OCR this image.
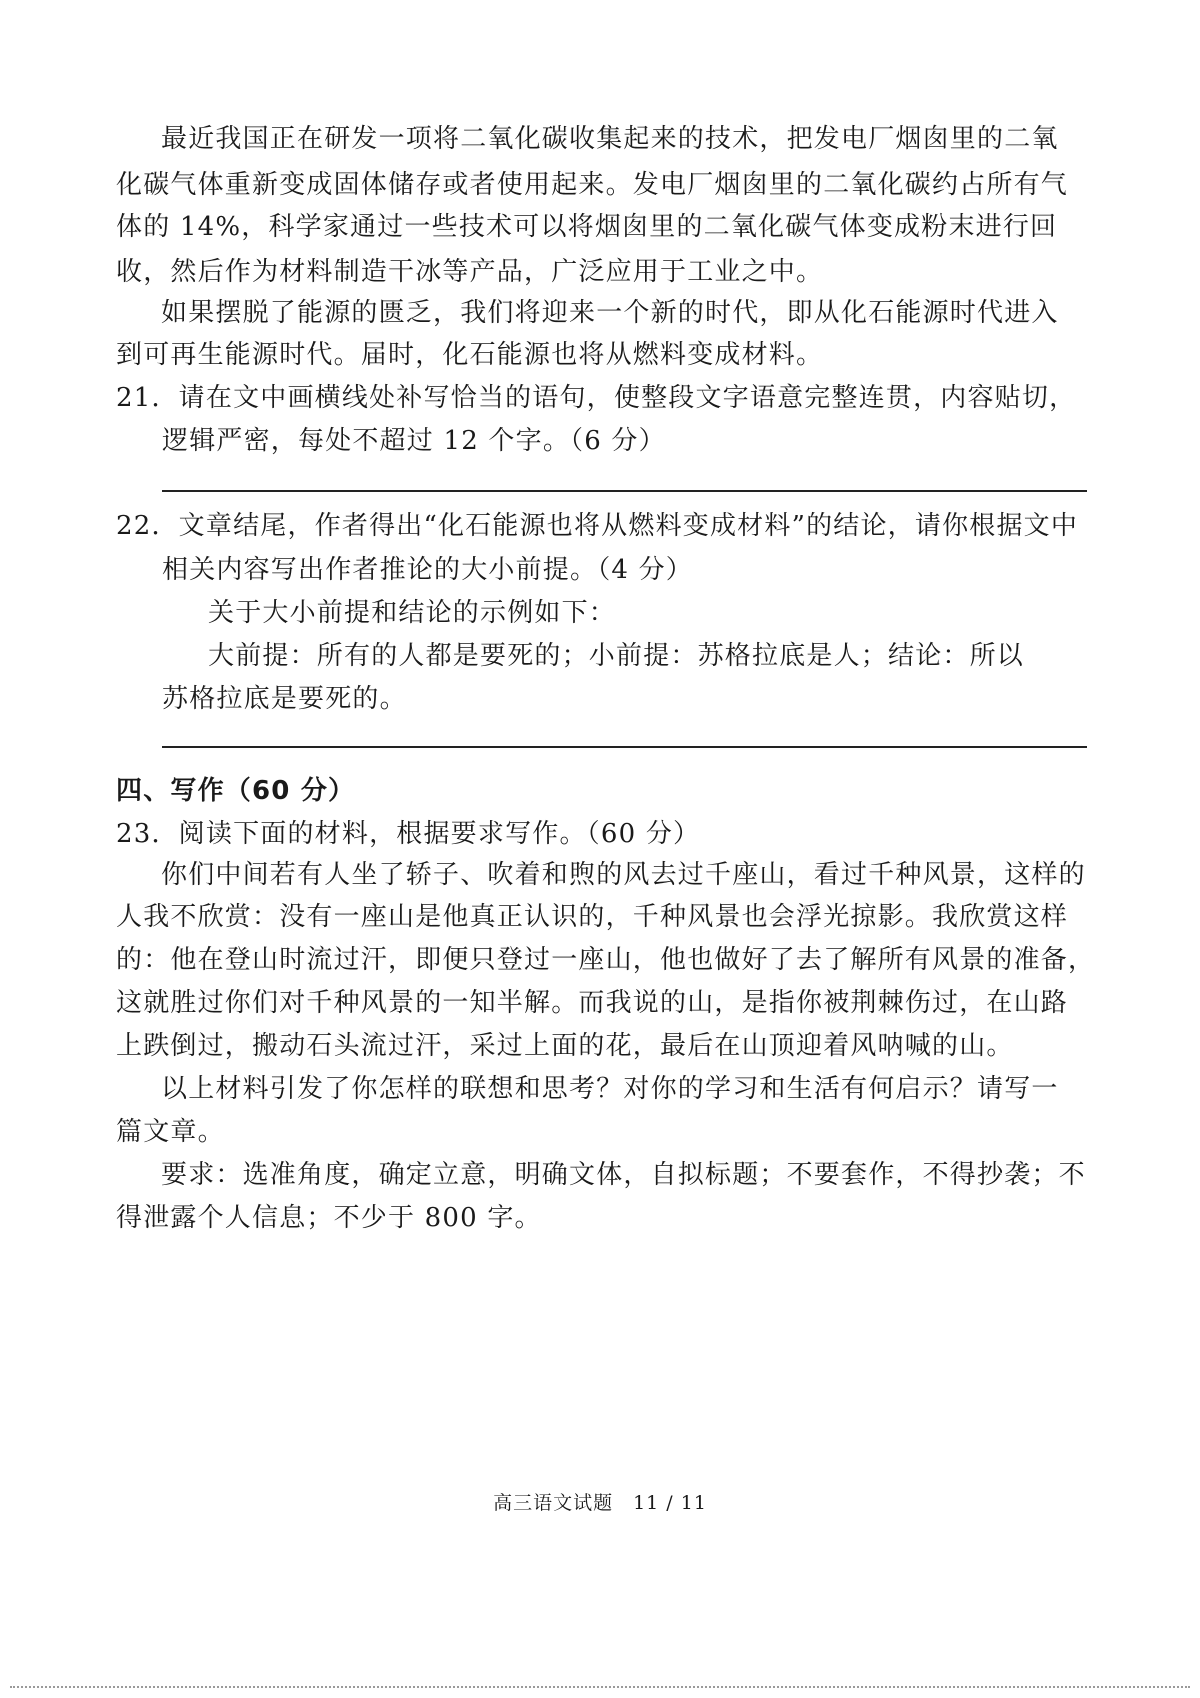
最近我国正在研发一项将二氧化碳收集起来的技术，把发电厂烟囱里的二氧
化碳气体重新变成固体储存或者使用起来。发电厂烟囱里的二氧化碳约占所有气
体的 14%，科学家通过一些技术可以将烟囱里的二氧化碳气体变成粉末进行回
收，然后作为材料制造干冰等产品，广泛应用于工业之中。
如果摆脱了能源的匮乏，我们将迎来一个新的时代，即从化石能源时代进入
到可再生能源时代。届时，化石能源也将从燃料变成材料。
21．请在文中画横线处补写恰当的语句，使整段文字语意完整连贯，内容贴切，
逻辑严密，每处不超过 12 个字。（6 分）
22．文章结尾，作者得出“化石能源也将从燃料变成材料”的结论，请你根据文中
相关内容写出作者推论的大小前提。（4 分）
关于大小前提和结论的示例如下：
大前提：所有的人都是要死的；小前提：苏格拉底是人；结论：所以
苏格拉底是要死的。
四、写作（60 分）
23．阅读下面的材料，根据要求写作。（60 分）
你们中间若有人坐了轿子、吹着和煦的风去过千座山，看过千种风景，这样的
人我不欣赏：没有一座山是他真正认识的，千种风景也会浮光掠影。我欣赏这样
的：他在登山时流过汗，即便只登过一座山，他也做好了去了解所有风景的准备，
这就胜过你们对千种风景的一知半解。而我说的山，是指你被荆棘伤过，在山路
上跌倒过，搬动石头流过汗，采过上面的花，最后在山顶迎着风呐喊的山。
以上材料引发了你怎样的联想和思考？对你的学习和生活有何启示？请写一
篇文章。
要求：选准角度，确定立意，明确文体，自拟标题；不要套作，不得抄袭；不
得泄露个人信息；不少于 800 字。
高三语文试题　11 / 11
